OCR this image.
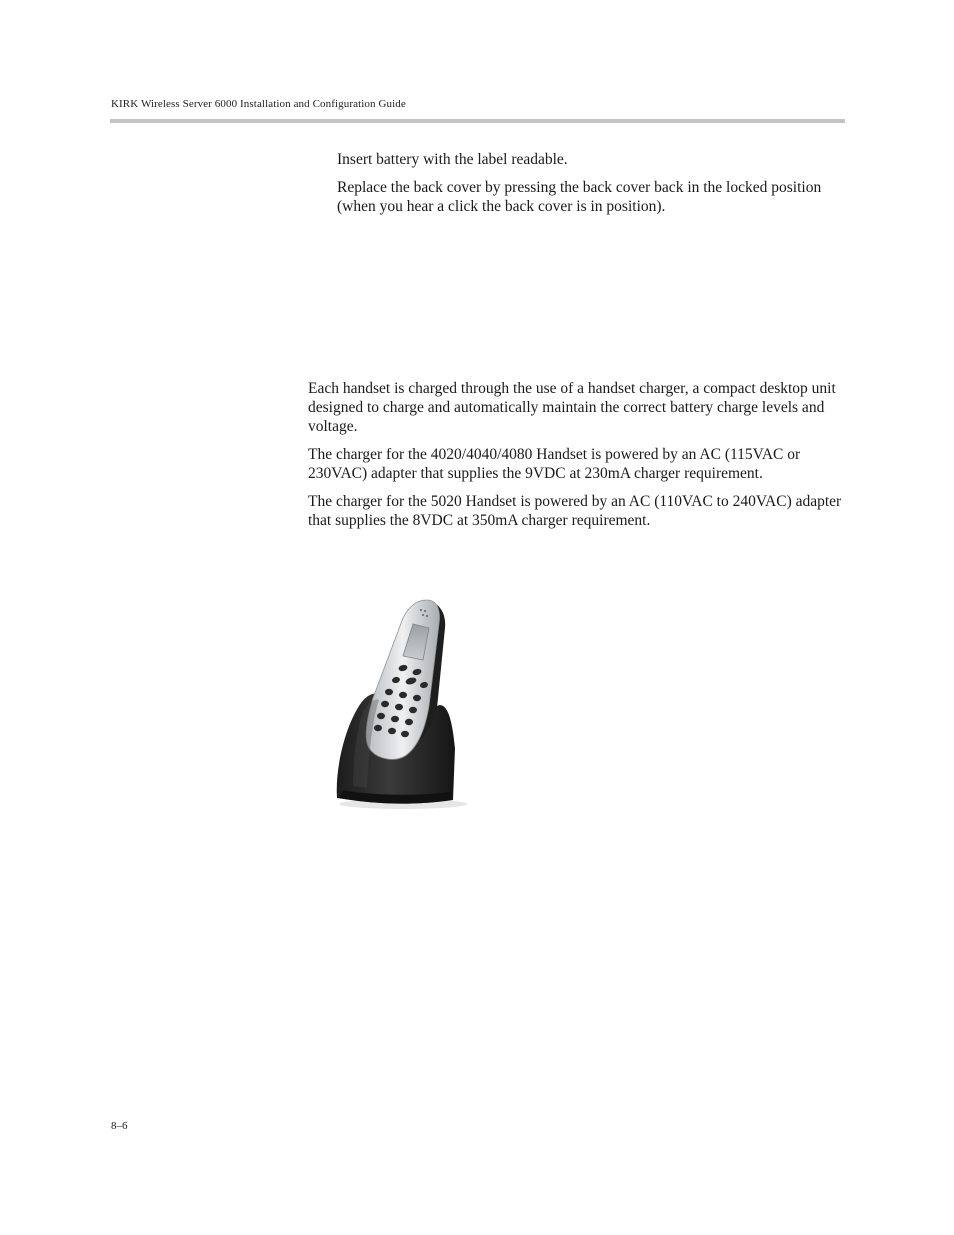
KIRK Wireless Server 6000 Installation and Configuration Guide

Insert battery with the label readable.

Replace the back cover by pressing the back cover back in the locked position (when you hear a click the back cover is in position).

Each handset is charged through the use of a handset charger, a compact desktop unit designed to charge and automatically maintain the correct battery charge levels and voltage.

The charger for the 4020/4040/4080 Handset is powered by an AC (115VAC or 230VAC) adapter that supplies the 9VDC at 230mA charger requirement.

The charger for the 5020 Handset is powered by an AC (110VAC to 240VAC) adapter that supplies the 8VDC at 350mA charger requirement.

8–6
